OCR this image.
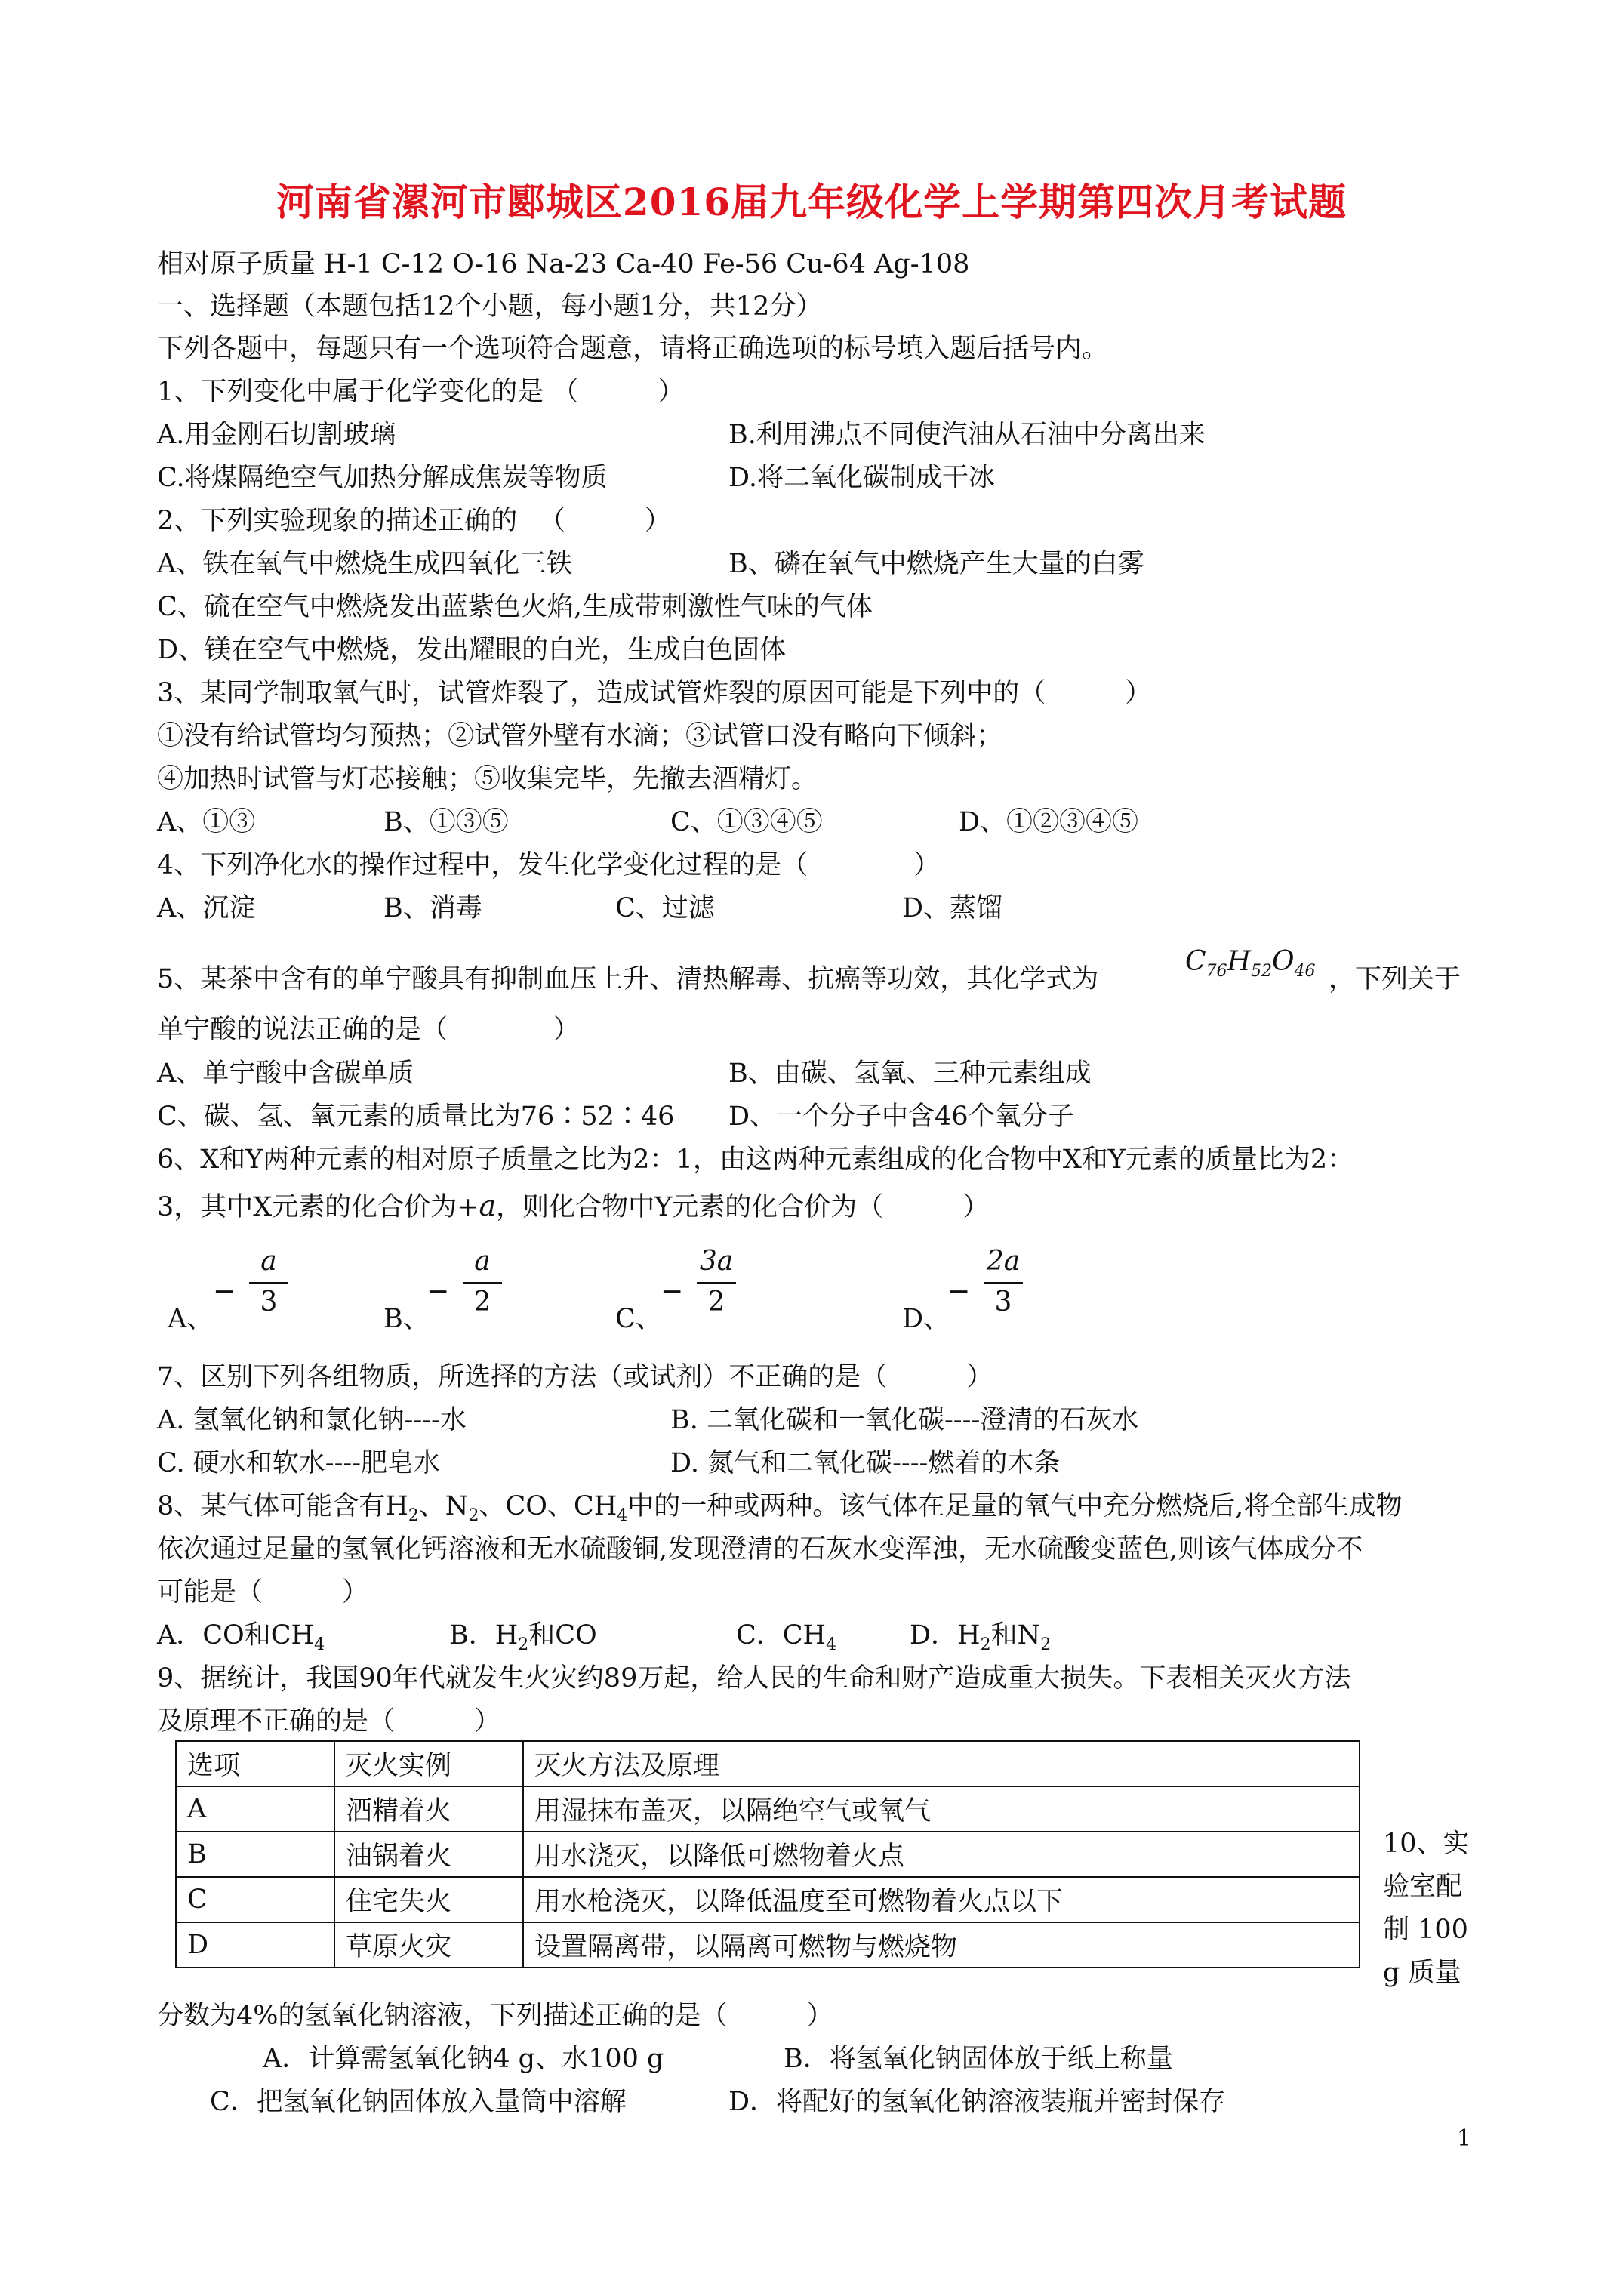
河南省漯河市郾城区2016届九年级化学上学期第四次月考试题
相对原子质量 H-1 C-12 O-16 Na-23 Ca-40 Fe-56 Cu-64 Ag-108
一、选择题（本题包括12个小题，每小题1分，共12分）
下列各题中，每题只有一个选项符合题意，请将正确选项的标号填入题后括号内。
1、下列变化中属于化学变化的是 （　　　）
A.用金刚石切割玻璃	B.利用沸点不同使汽油从石油中分离出来
C.将煤隔绝空气加热分解成焦炭等物质	D.将二氧化碳制成干冰
2、下列实验现象的描述正确的 　（　　　）
A、铁在氧气中燃烧生成四氧化三铁	B、磷在氧气中燃烧产生大量的白雾
C、硫在空气中燃烧发出蓝紫色火焰,生成带刺激性气味的气体
D、镁在空气中燃烧，发出耀眼的白光，生成白色固体
3、某同学制取氧气时，试管炸裂了，造成试管炸裂的原因可能是下列中的（　　　）
①没有给试管均匀预热；②试管外壁有水滴；③试管口没有略向下倾斜；
④加热时试管与灯芯接触；⑤收集完毕，先撤去酒精灯。
A、①③	B、①③⑤	C、①③④⑤	D、①②③④⑤
4、下列净化水的操作过程中，发生化学变化过程的是（　　　　）
A、沉淀	B、消毒	C、过滤	D、蒸馏
5、某茶中含有的单宁酸具有抑制血压上升、清热解毒、抗癌等功效，其化学式为
$C_{76}H_{52}O_{46}$ ，下列关于
单宁酸的说法正确的是（　　　　）
A、单宁酸中含碳单质	B、由碳、氢氧、三种元素组成
C、碳、氢、氧元素的质量比为76∶52∶46 D、一个分子中含46个氧分子
6、X和Y两种元素的相对原子质量之比为2：1，由这两种元素组成的化合物中X和Y元素的质量比为2：
3，其中X元素的化合价为+a，则化合物中Y元素的化合价为（　　　）
A、
−
a
3
B、
−
a
2
C、
−
3a
2
D、
−
2a
3
7、区别下列各组物质，所选择的方法（或试剂）不正确的是（　　　）
A. 氢氧化钠和氯化钠----水	B. 二氧化碳和一氧化碳----澄清的石灰水
C. 硬水和软水----肥皂水	D. 氮气和二氧化碳----燃着的木条
8、某气体可能含有$H_2$、$N_2$、CO、$CH_4$中的一种或两种。该气体在足量的氧气中充分燃烧后,将全部生成物
依次通过足量的氢氧化钙溶液和无水硫酸铜,发现澄清的石灰水变浑浊，无水硫酸变蓝色,则该气体成分不
可能是（　　　）
A．CO和$CH_4$	B．$H_2$和CO	C．$CH_4$	D．$H_2$和$N_2$
9、据统计，我国90年代就发生火灾约89万起，给人民的生命和财产造成重大损失。下表相关灭火方法
及原理不正确的是（　　　）
选项	灭火实例	灭火方法及原理
A	酒精着火	用湿抹布盖灭，以隔绝空气或氧气
B	油锅着火	用水浇灭，以降低可燃物着火点
C	住宅失火	用水枪浇灭，以降低温度至可燃物着火点以下
D	草原火灾	设置隔离带，以隔离可燃物与燃烧物
10、实
验室配
制 100
g 质量
分数为4%的氢氧化钠溶液，下列描述正确的是（　　　）
A．计算需氢氧化钠4 g、水100 g	B．将氢氧化钠固体放于纸上称量
C．把氢氧化钠固体放入量筒中溶解	D．将配好的氢氧化钠溶液装瓶并密封保存
1
